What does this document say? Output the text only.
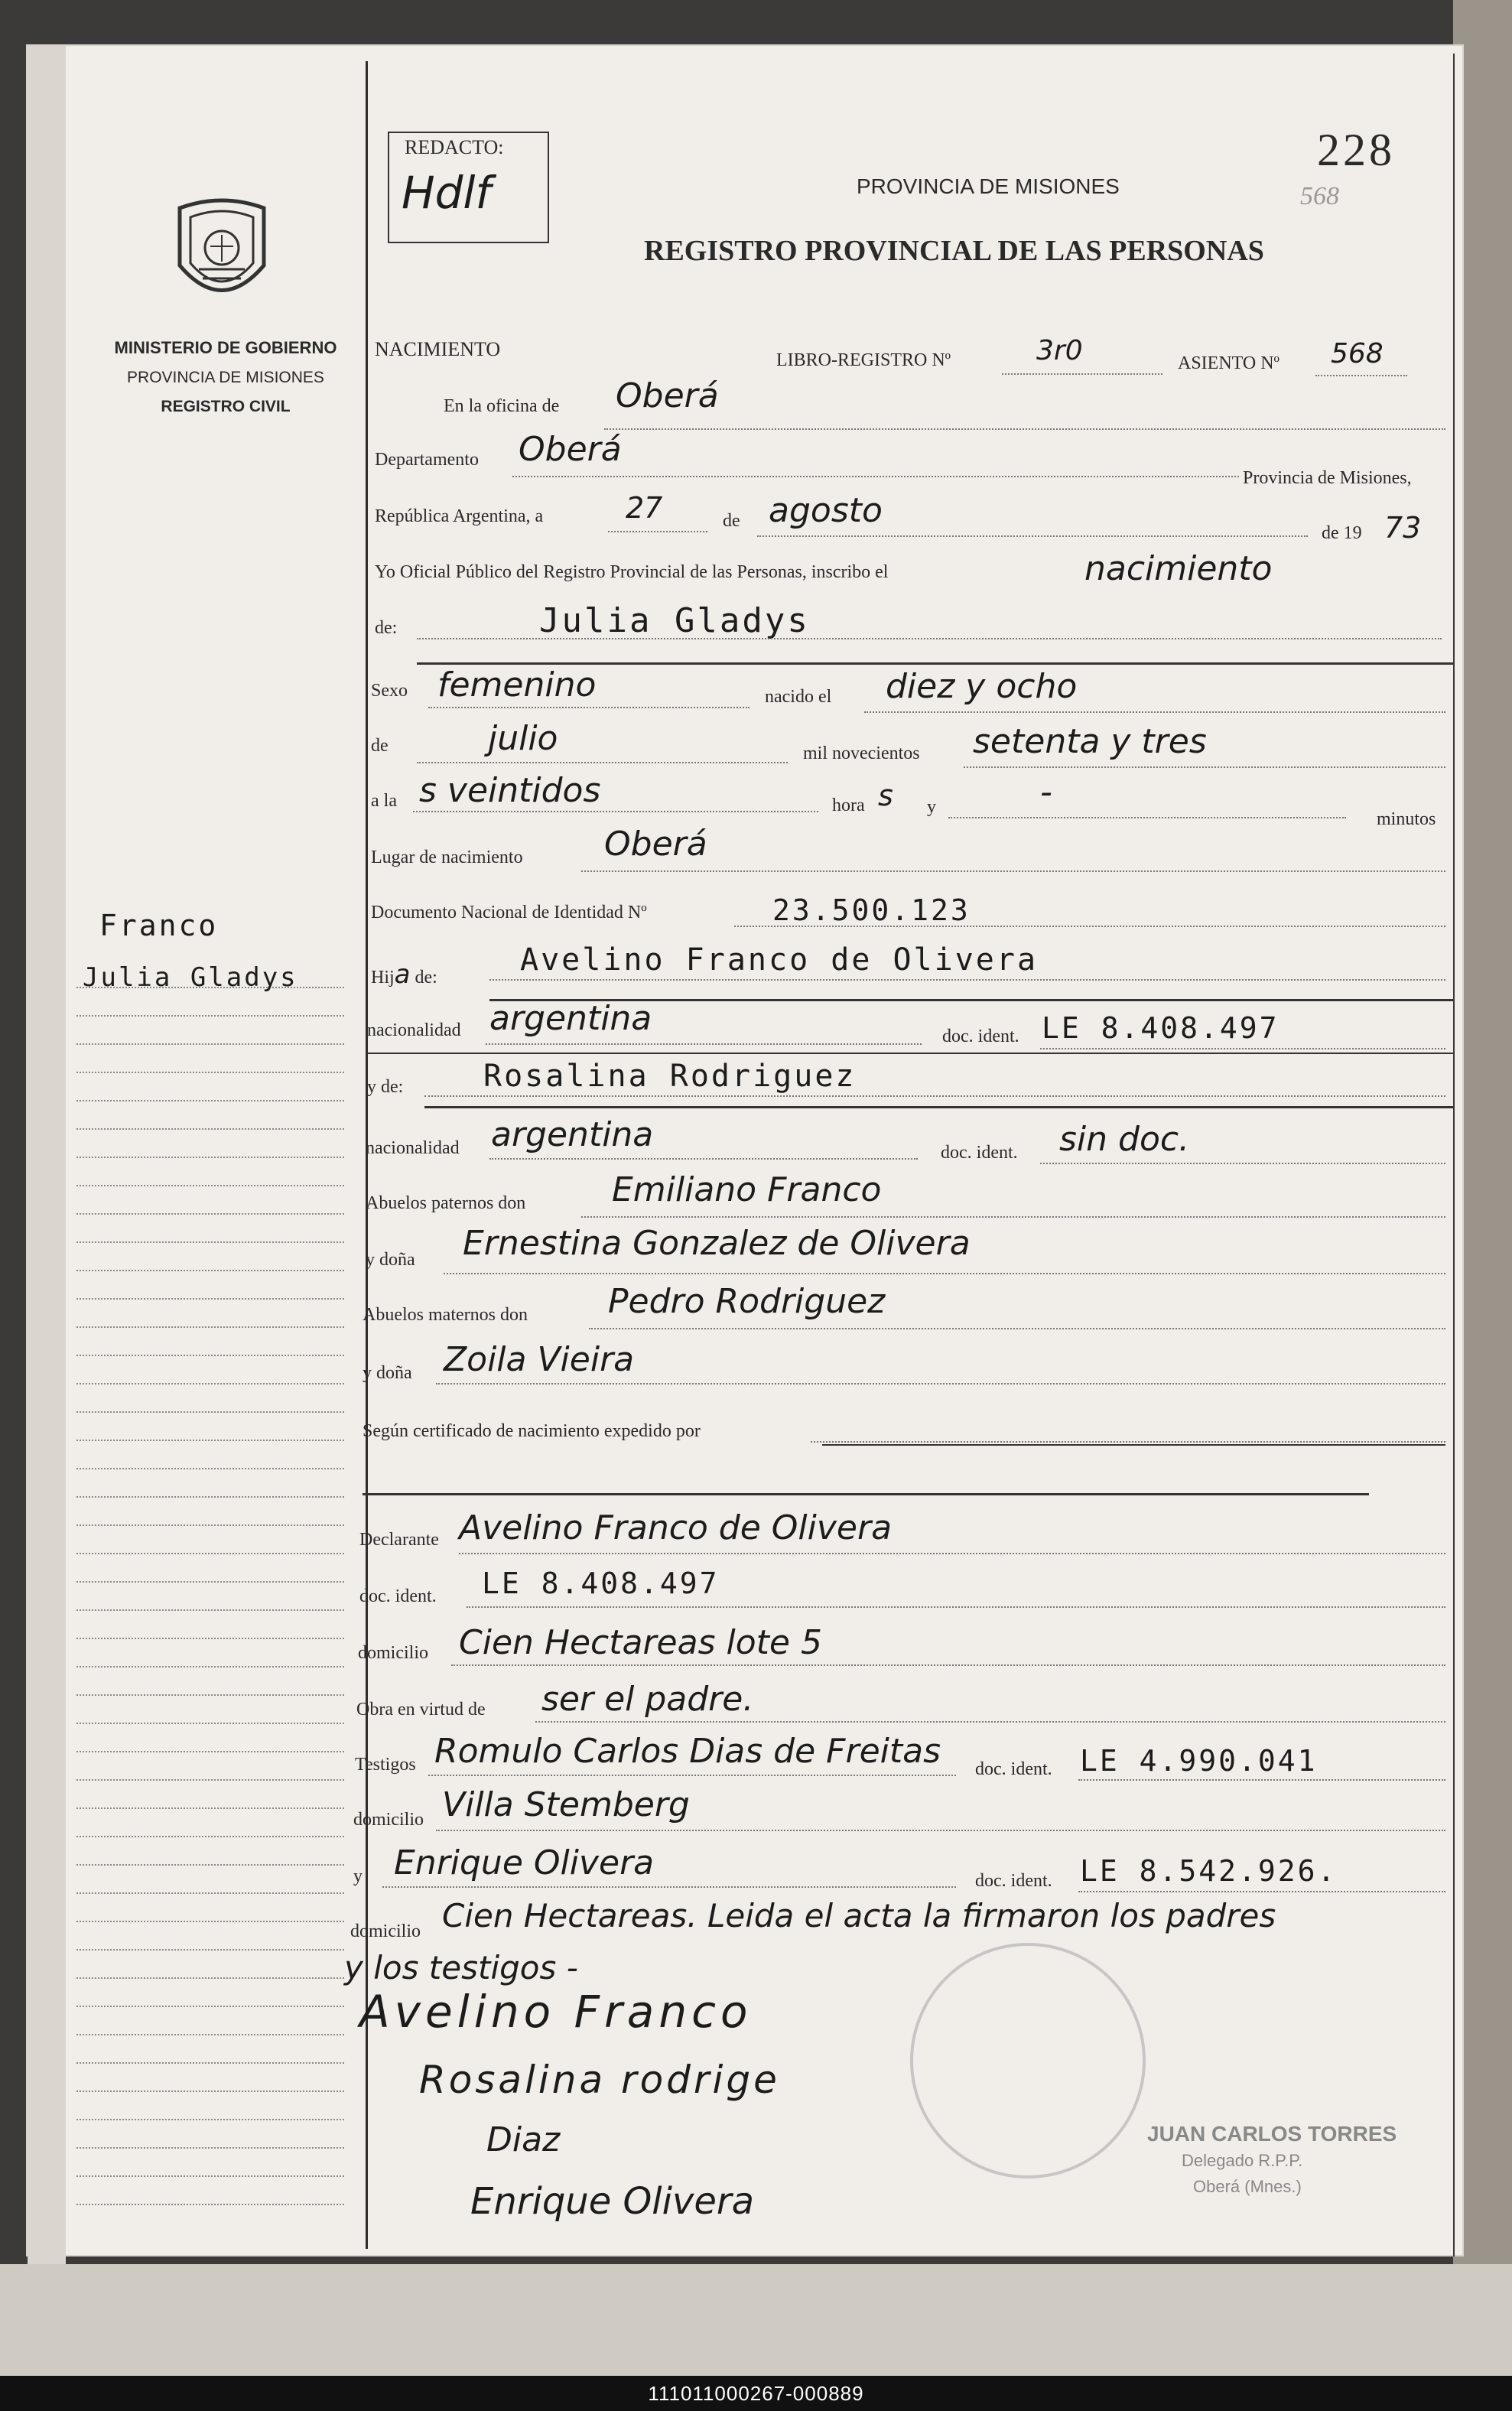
MINISTERIO DE GOBIERNO
PROVINCIA DE MISIONES
REGISTRO CIVIL
Franco
Julia Gladys
REDACTO:
Hdlf
228
568
PROVINCIA DE MISIONES
REGISTRO PROVINCIAL DE LAS PERSONAS
NACIMIENTO	LIBRO-REGISTRO Nº	3r0	ASIENTO Nº 568
En la oficina de Oberá
Departamento Oberá
Provincia de Misiones,
República Argentina, a	27	de agosto
de 19 73
Yo Oficial Público del Registro Provincial de las Personas, inscribo el	nacimiento
de:	Julia Gladys
Sexo femenino	nacido el diez y ocho
de	julio	mil novecientos setenta y tres
a la s veintidos	hora s y	-
minutos
Lugar de nacimiento Oberá
Documento Nacional de Identidad Nº	23.500.123
Hija de:	Avelino Franco de Olivera
nacionalidad argentina	doc. ident. LE 8.408.497
y de:	Rosalina Rodriguez
nacionalidad argentina	doc. ident. sin doc.
Abuelos paternos don	Emiliano Franco
y doña Ernestina Gonzalez de Olivera
Abuelos maternos don Pedro Rodriguez
y doña Zoila Vieira
Según certificado de nacimiento expedido por
Declarante Avelino Franco de Olivera
doc. ident. LE 8.408.497
domicilio Cien Hectareas lote 5
Obra en virtud de ser el padre.
Testigos Romulo Carlos Dias de Freitas doc. ident. LE 4.990.041
domicilio Villa Stemberg
y Enrique Olivera	doc. ident. LE 8.542.926.
domicilio Cien Hectareas. Leida el acta la firmaron los padres
y los testigos -
Avelino Franco
Rosalina rodrige
Diaz
Enrique Olivera
JUAN CARLOS TORRES
Delegado R.P.P.
Oberá (Mnes.)
111011000267-000889
